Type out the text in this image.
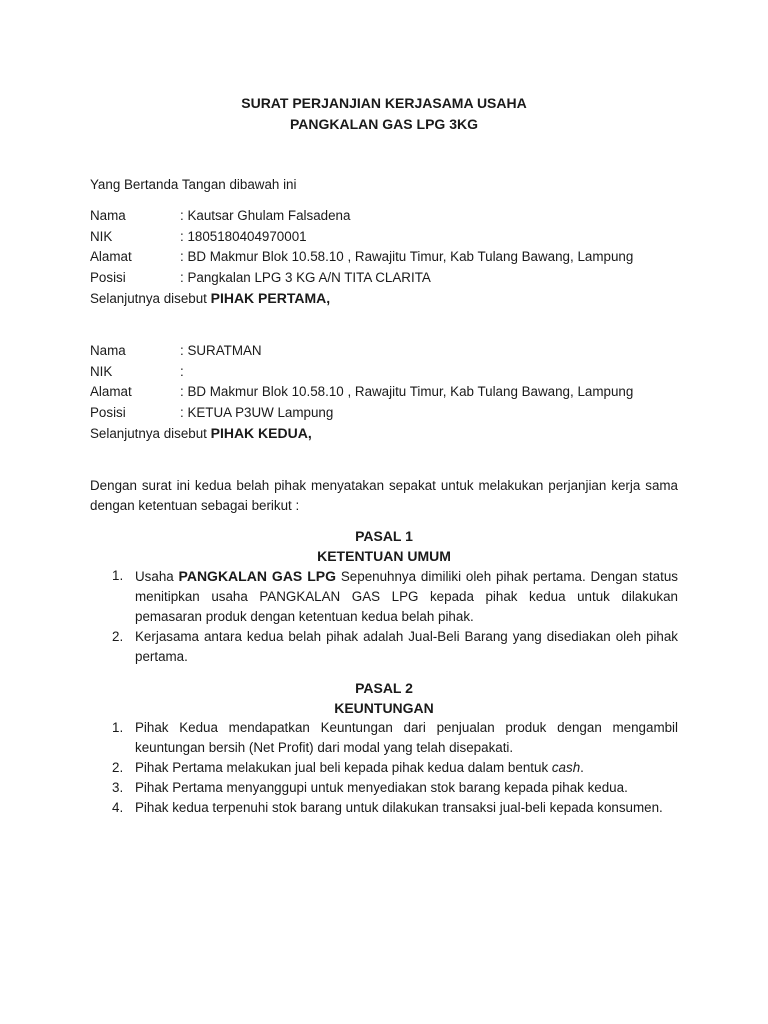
SURAT PERJANJIAN KERJASAMA USAHA

PANGKALAN GAS LPG 3KG

Yang Bertanda Tangan dibawah ini

Nama	: Kautsar Ghulam Falsadena
NIK	: 1805180404970001
Alamat	: BD Makmur Blok 10.58.10 , Rawajitu Timur, Kab Tulang Bawang, Lampung
Posisi	: Pangkalan LPG 3 KG A/N TITA CLARITA

Selanjutnya disebut PIHAK PERTAMA,

Nama	: SURATMAN
NIK	:
Alamat	: BD Makmur Blok 10.58.10 , Rawajitu Timur, Kab Tulang Bawang, Lampung
Posisi	: KETUA P3UW Lampung

Selanjutnya disebut PIHAK KEDUA,

Dengan surat ini kedua belah pihak menyatakan sepakat untuk melakukan perjanjian kerja sama dengan ketentuan sebagai berikut :

PASAL 1

KETENTUAN UMUM

1. Usaha PANGKALAN GAS LPG Sepenuhnya dimiliki oleh pihak pertama. Dengan status menitipkan usaha PANGKALAN GAS LPG kepada pihak kedua untuk dilakukan pemasaran produk dengan ketentuan kedua belah pihak.
2. Kerjasama antara kedua belah pihak adalah Jual-Beli Barang yang disediakan oleh pihak pertama.

PASAL 2

KEUNTUNGAN

1. Pihak Kedua mendapatkan Keuntungan dari penjualan produk dengan mengambil keuntungan bersih (Net Profit) dari modal yang telah disepakati.
2. Pihak Pertama melakukan jual beli kepada pihak kedua dalam bentuk cash.
3. Pihak Pertama menyanggupi untuk menyediakan stok barang kepada pihak kedua.
4. Pihak kedua terpenuhi stok barang untuk dilakukan transaksi jual-beli kepada konsumen.
